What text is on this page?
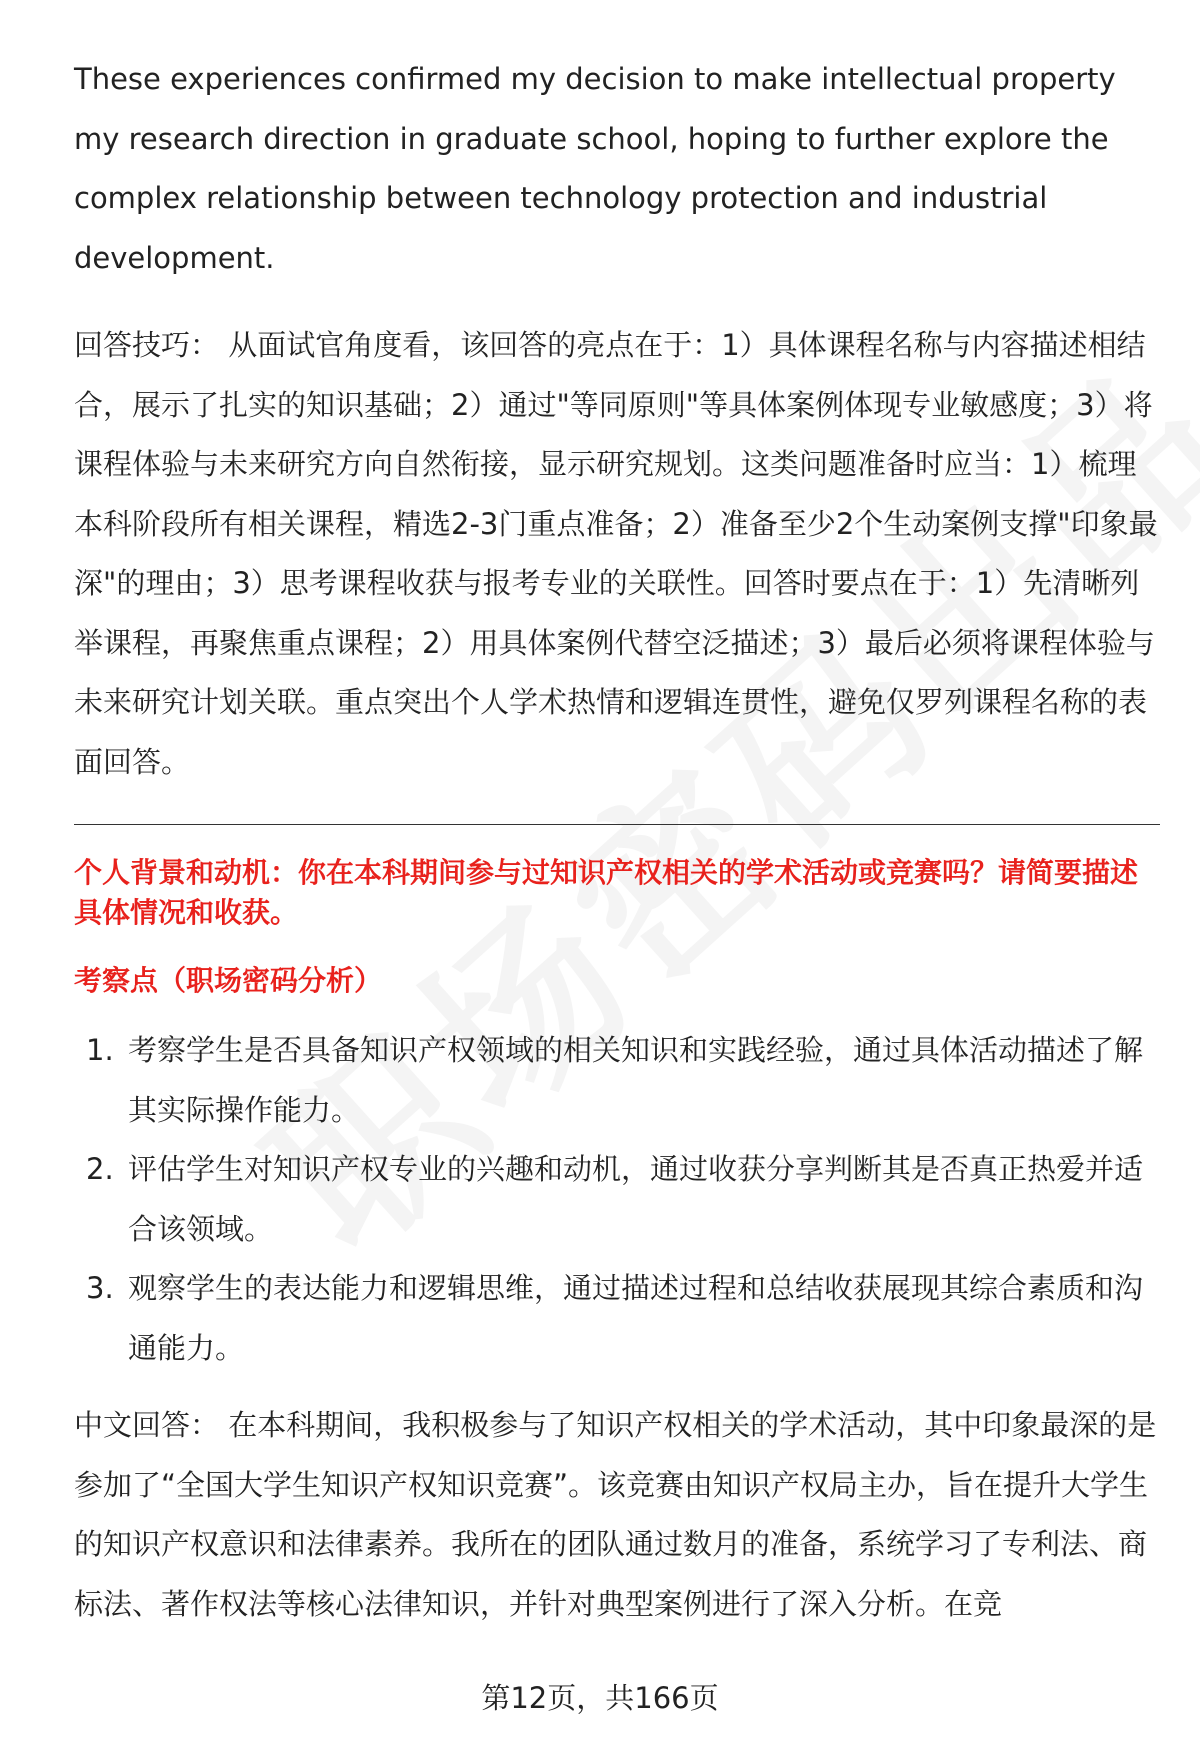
These experiences confirmed my decision to make intellectual property my research direction in graduate school, hoping to further explore the complex relationship between technology protection and industrial development.

回答技巧： 从面试官角度看，该回答的亮点在于：1）具体课程名称与内容描述相结合，展示了扎实的知识基础；2）通过"等同原则"等具体案例体现专业敏感度；3）将课程体验与未来研究方向自然衔接，显示研究规划。这类问题准备时应当：1）梳理本科阶段所有相关课程，精选2-3门重点准备；2）准备至少2个生动案例支撑"印象最深"的理由；3）思考课程收获与报考专业的关联性。回答时要点在于：1）先清晰列举课程，再聚焦重点课程；2）用具体案例代替空泛描述；3）最后必须将课程体验与未来研究计划关联。重点突出个人学术热情和逻辑连贯性，避免仅罗列课程名称的表面回答。

个人背景和动机：你在本科期间参与过知识产权相关的学术活动或竞赛吗？请简要描述具体情况和收获。
考察点（职场密码分析）
1. 考察学生是否具备知识产权领域的相关知识和实践经验，通过具体活动描述了解其实际操作能力。
2. 评估学生对知识产权专业的兴趣和动机，通过收获分享判断其是否真正热爱并适合该领域。
3. 观察学生的表达能力和逻辑思维，通过描述过程和总结收获展现其综合素质和沟通能力。

中文回答： 在本科期间，我积极参与了知识产权相关的学术活动，其中印象最深的是参加了“全国大学生知识产权知识竞赛”。该竞赛由知识产权局主办，旨在提升大学生的知识产权意识和法律素养。我所在的团队通过数月的准备，系统学习了专利法、商标法、著作权法等核心法律知识，并针对典型案例进行了深入分析。在竞

第12页，共166页
